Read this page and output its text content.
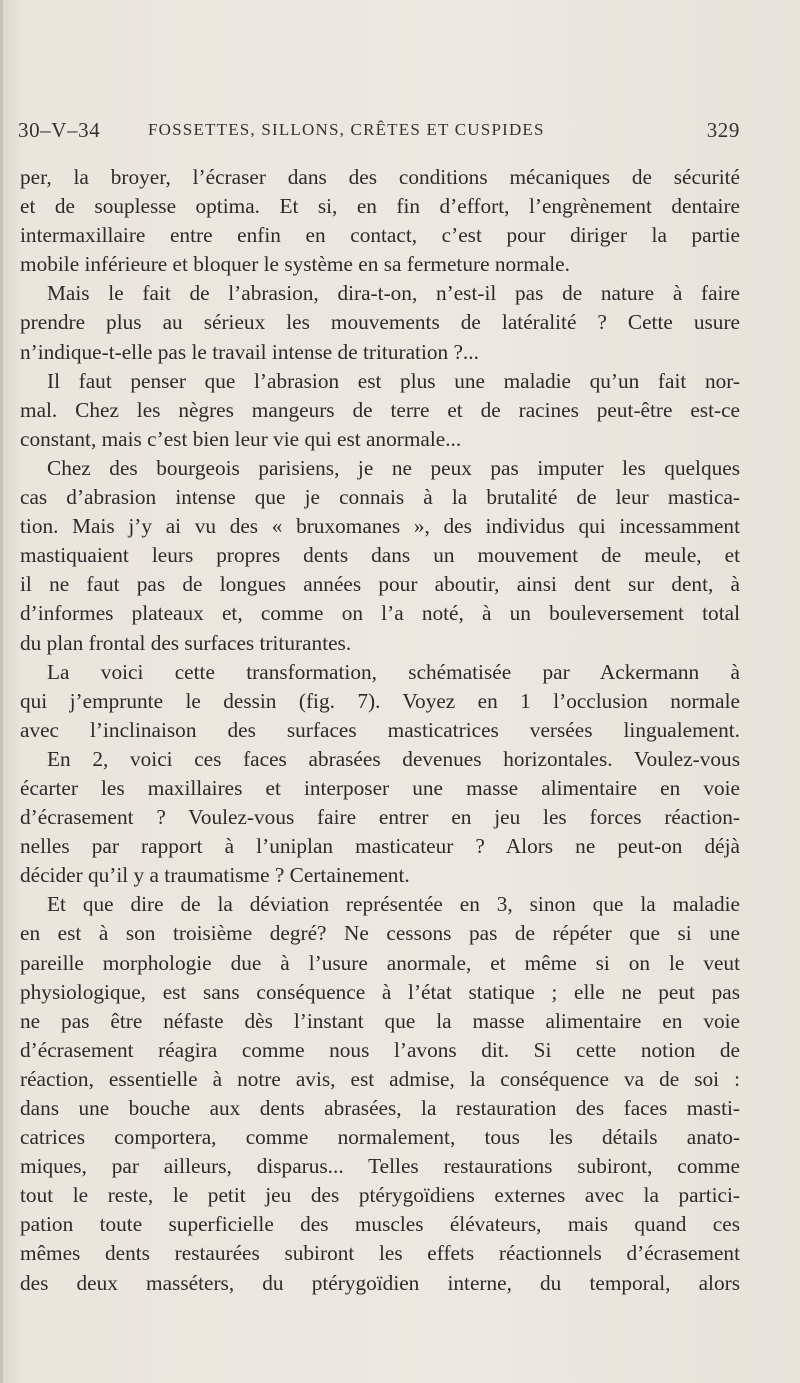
30–V–34	FOSSETTES, SILLONS, CRÊTES ET CUSPIDES	329
per, la broyer, l’écraser dans des conditions mécaniques de sécurité
et de souplesse optima. Et si, en fin d’effort, l’engrènement dentaire
intermaxillaire entre enfin en contact, c’est pour diriger la partie
mobile inférieure et bloquer le système en sa fermeture normale.
Mais le fait de l’abrasion, dira-t-on, n’est-il pas de nature à faire
prendre plus au sérieux les mouvements de latéralité ? Cette usure
n’indique-t-elle pas le travail intense de trituration ?...
Il faut penser que l’abrasion est plus une maladie qu’un fait nor-
mal. Chez les nègres mangeurs de terre et de racines peut-être est-ce
constant, mais c’est bien leur vie qui est anormale...
Chez des bourgeois parisiens, je ne peux pas imputer les quelques
cas d’abrasion intense que je connais à la brutalité de leur mastica-
tion. Mais j’y ai vu des « bruxomanes », des individus qui incessamment
mastiquaient leurs propres dents dans un mouvement de meule, et
il ne faut pas de longues années pour aboutir, ainsi dent sur dent, à
d’informes plateaux et, comme on l’a noté, à un bouleversement total
du plan frontal des surfaces triturantes.
La voici cette transformation, schématisée par Ackermann à
qui j’emprunte le dessin (fig. 7). Voyez en 1 l’occlusion normale
avec l’inclinaison des surfaces masticatrices versées lingualement.
En 2, voici ces faces abrasées devenues horizontales. Voulez-vous
écarter les maxillaires et interposer une masse alimentaire en voie
d’écrasement ? Voulez-vous faire entrer en jeu les forces réaction-
nelles par rapport à l’uniplan masticateur ? Alors ne peut-on déjà
décider qu’il y a traumatisme ? Certainement.
Et que dire de la déviation représentée en 3, sinon que la maladie
en est à son troisième degré? Ne cessons pas de répéter que si une
pareille morphologie due à l’usure anormale, et même si on le veut
physiologique, est sans conséquence à l’état statique ; elle ne peut pas
ne pas être néfaste dès l’instant que la masse alimentaire en voie
d’écrasement réagira comme nous l’avons dit. Si cette notion de
réaction, essentielle à notre avis, est admise, la conséquence va de soi :
dans une bouche aux dents abrasées, la restauration des faces masti-
catrices comportera, comme normalement, tous les détails anato-
miques, par ailleurs, disparus... Telles restaurations subiront, comme
tout le reste, le petit jeu des ptérygoïdiens externes avec la partici-
pation toute superficielle des muscles élévateurs, mais quand ces
mêmes dents restaurées subiront les effets réactionnels d’écrasement
des deux masséters, du ptérygoïdien interne, du temporal, alors
